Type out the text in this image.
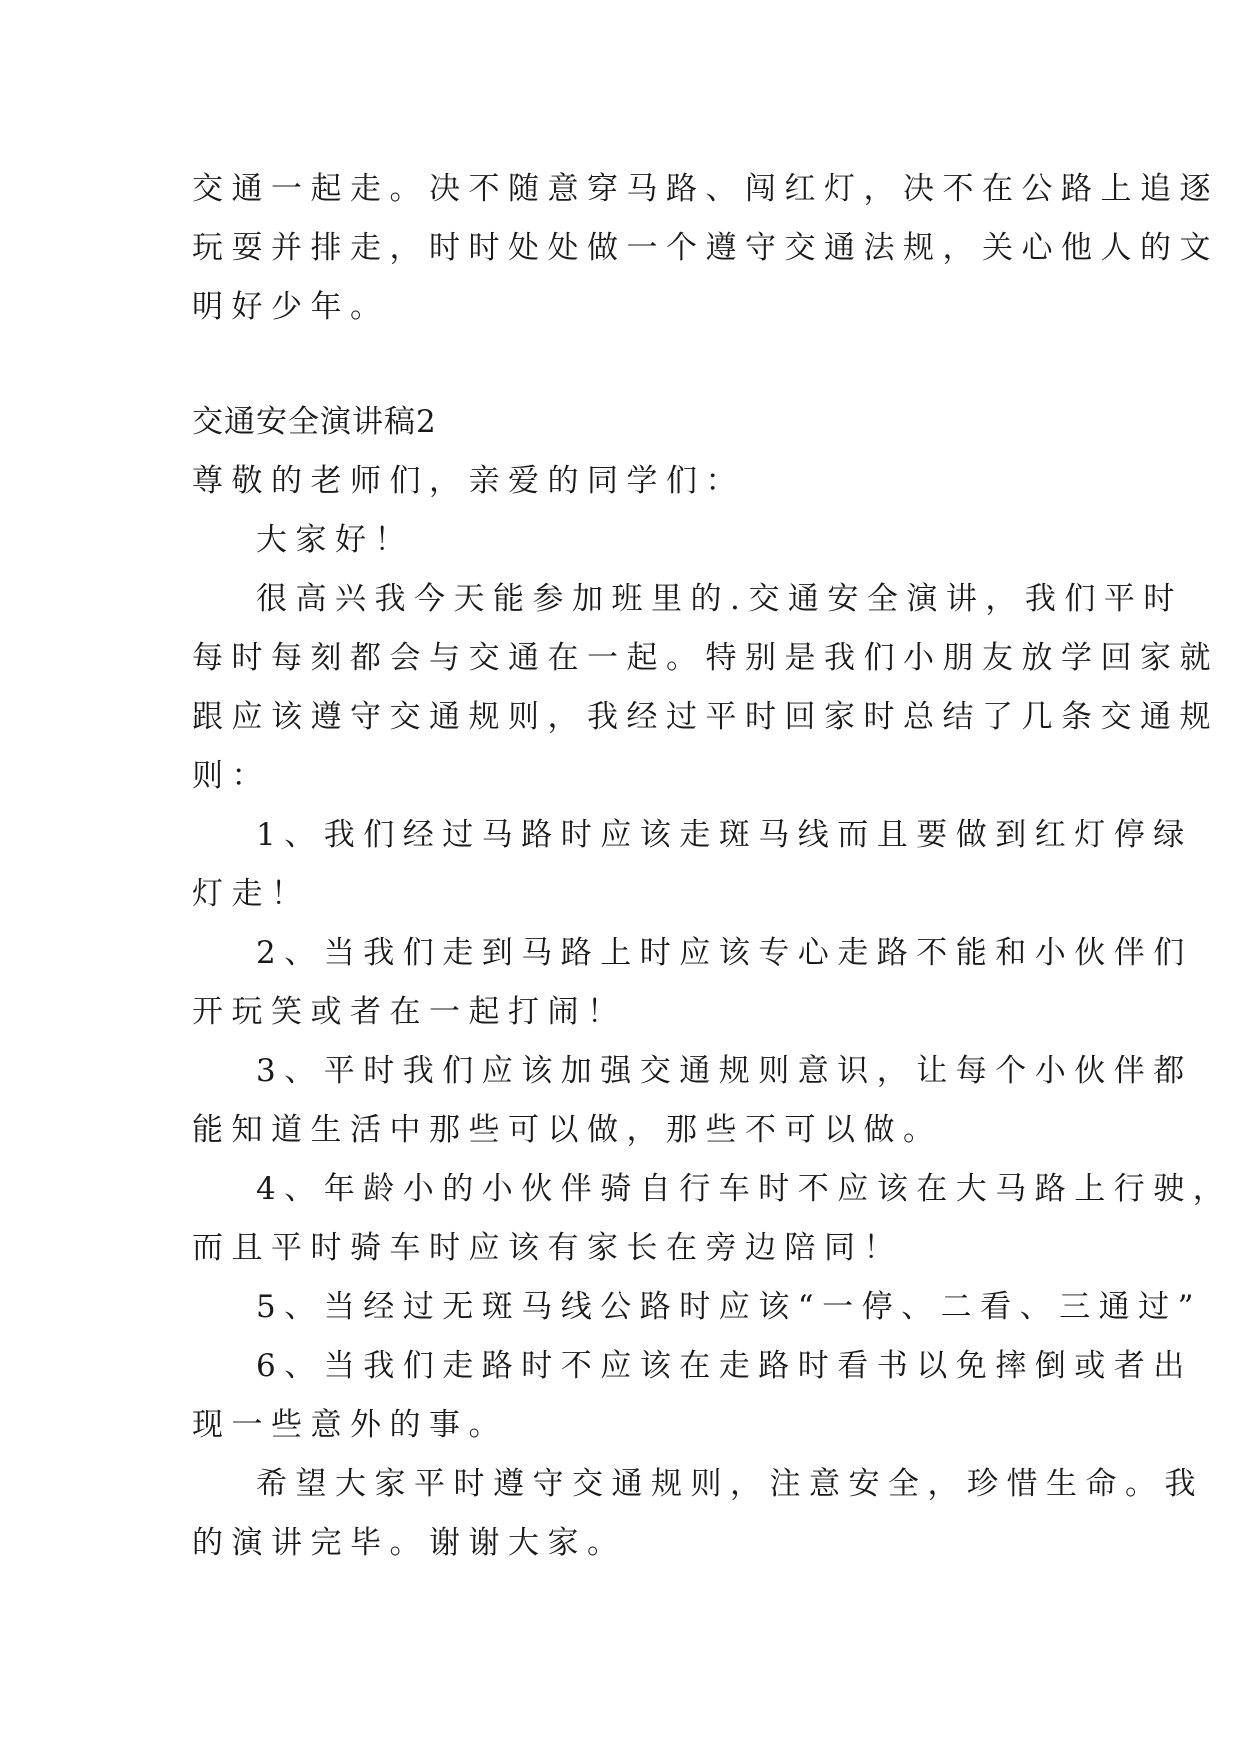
交通一起走。决不随意穿马路、闯红灯，决不在公路上追逐

玩耍并排走，时时处处做一个遵守交通法规，关心他人的文

明好少年。

交通安全演讲稿2

尊敬的老师们，亲爱的同学们：

大家好！

很高兴我今天能参加班里的.交通安全演讲，我们平时

每时每刻都会与交通在一起。特别是我们小朋友放学回家就

跟应该遵守交通规则，我经过平时回家时总结了几条交通规

则：

1、我们经过马路时应该走斑马线而且要做到红灯停绿

灯走！

2、当我们走到马路上时应该专心走路不能和小伙伴们

开玩笑或者在一起打闹！

3、平时我们应该加强交通规则意识，让每个小伙伴都

能知道生活中那些可以做，那些不可以做。

4、年龄小的小伙伴骑自行车时不应该在大马路上行驶，

而且平时骑车时应该有家长在旁边陪同！

5、当经过无斑马线公路时应该“一停、二看、三通过”

6、当我们走路时不应该在走路时看书以免摔倒或者出

现一些意外的事。

希望大家平时遵守交通规则，注意安全，珍惜生命。我

的演讲完毕。谢谢大家。
